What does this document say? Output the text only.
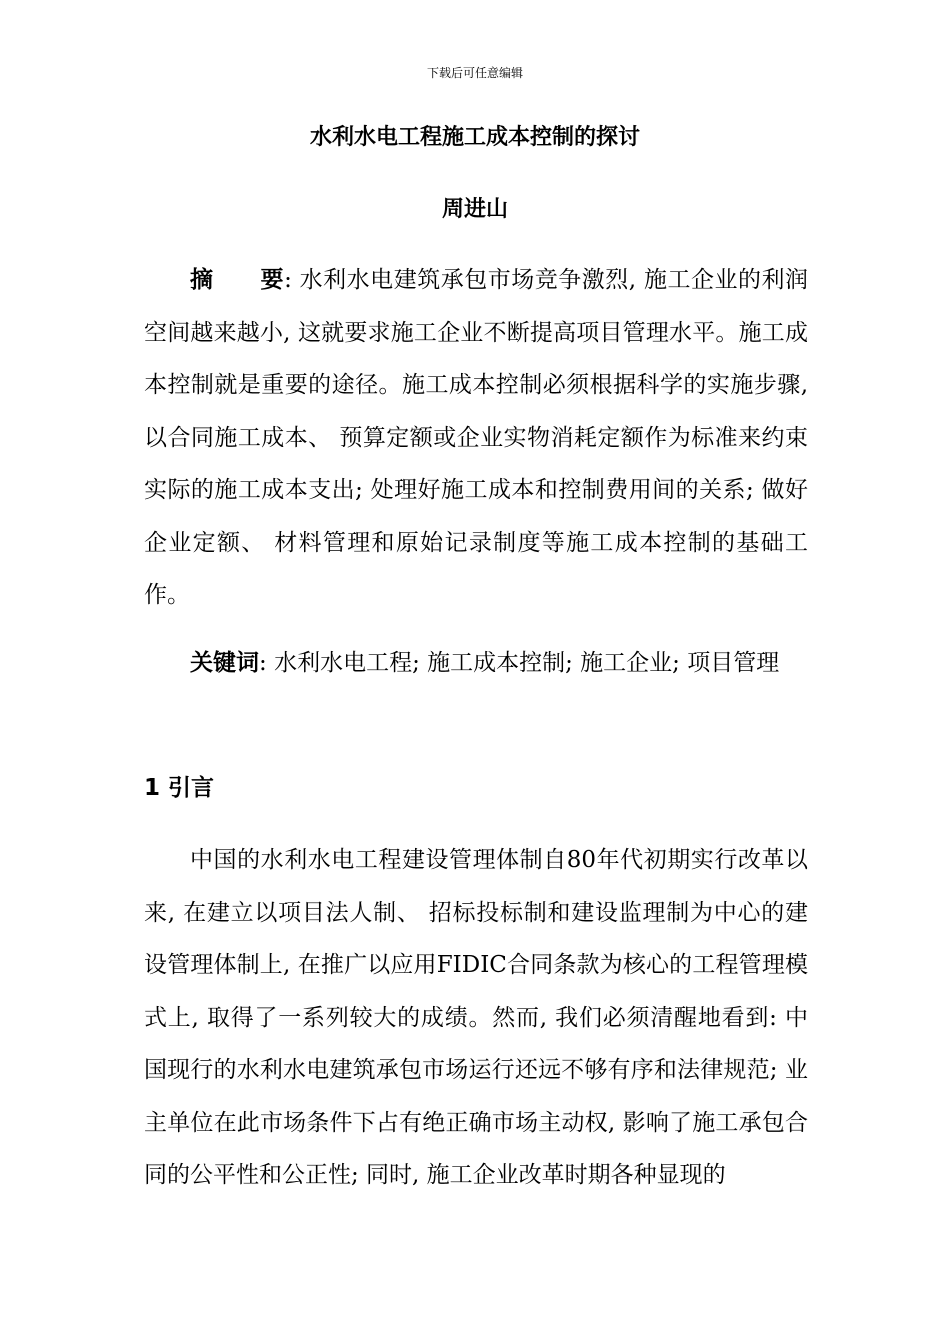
下载后可任意编辑
水利水电工程施工成本控制的探讨
周进山

摘　　要: 水利水电建筑承包市场竞争激烈, 施工企业的利润空间越来越小, 这就要求施工企业不断提高项目管理水平。施工成本控制就是重要的途径。施工成本控制必须根据科学的实施步骤, 以合同施工成本、 预算定额或企业实物消耗定额作为标准来约束实际的施工成本支出; 处理好施工成本和控制费用间的关系; 做好企业定额、 材料管理和原始记录制度等施工成本控制的基础工作。

关键词: 水利水电工程; 施工成本控制; 施工企业; 项目管理

1 引言

中国的水利水电工程建设管理体制自80年代初期实行改革以来, 在建立以项目法人制、 招标投标制和建设监理制为中心的建设管理体制上, 在推广以应用FIDIC合同条款为核心的工程管理模式上, 取得了一系列较大的成绩。然而, 我们必须清醒地看到: 中国现行的水利水电建筑承包市场运行还远不够有序和法律规范; 业主单位在此市场条件下占有绝正确市场主动权, 影响了施工承包合同的公平性和公正性; 同时, 施工企业改革时期各种显现的
